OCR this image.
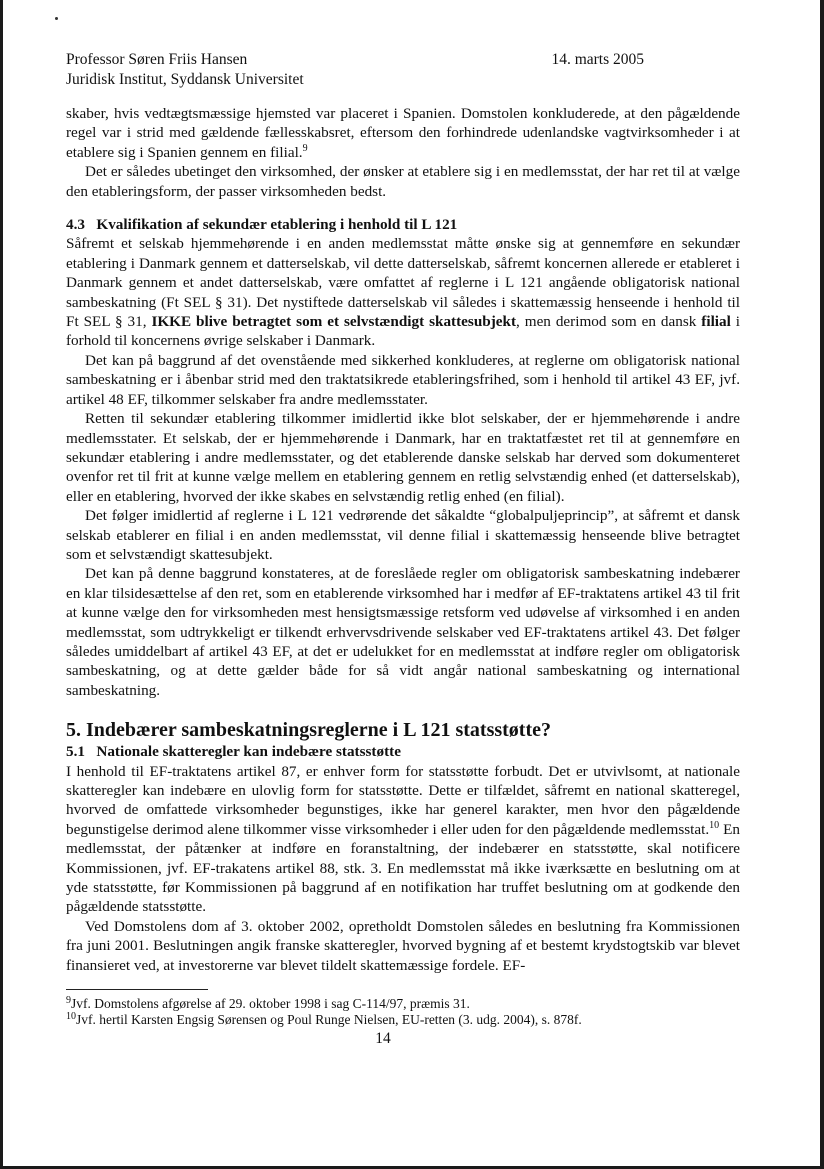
Professor Søren Friis Hansen
Juridisk Institut, Syddansk Universitet
14. marts 2005

skaber, hvis vedtægtsmæssige hjemsted var placeret i Spanien. Domstolen konkluderede, at den pågældende regel var i strid med gældende fællesskabsret, eftersom den forhindrede udenlandske vagtvirksomheder i at etablere sig i Spanien gennem en filial.$^9$

Det er således ubetinget den virksomhed, der ønsker at etablere sig i en medlemsstat, der har ret til at vælge den etableringsform, der passer virksomheden bedst.

4.3 Kvalifikation af sekundær etablering i henhold til L 121

Såfremt et selskab hjemmehørende i en anden medlemsstat måtte ønske sig at gennemføre en sekundær etablering i Danmark gennem et datterselskab, vil dette datterselskab, såfremt koncernen allerede er etableret i Danmark gennem et andet datterselskab, være omfattet af reglerne i L 121 angående obligatorisk national sambeskatning (Ft SEL § 31). Det nystiftede datterselskab vil således i skattemæssig henseende i henhold til Ft SEL § 31, IKKE blive betragtet som et selvstændigt skattesubjekt, men derimod som en dansk filial i forhold til koncernens øvrige selskaber i Danmark.

Det kan på baggrund af det ovenstående med sikkerhed konkluderes, at reglerne om obligatorisk national sambeskatning er i åbenbar strid med den traktatsikrede etableringsfrihed, som i henhold til artikel 43 EF, jvf. artikel 48 EF, tilkommer selskaber fra andre medlemsstater.

Retten til sekundær etablering tilkommer imidlertid ikke blot selskaber, der er hjemmehørende i andre medlemsstater. Et selskab, der er hjemmehørende i Danmark, har en traktatfæstet ret til at gennemføre en sekundær etablering i andre medlemsstater, og det etablerende danske selskab har derved som dokumenteret ovenfor ret til frit at kunne vælge mellem en etablering gennem en retlig selvstændig enhed (et datterselskab), eller en etablering, hvorved der ikke skabes en selvstændig retlig enhed (en filial).

Det følger imidlertid af reglerne i L 121 vedrørende det såkaldte “globalpuljeprincip”, at såfremt et dansk selskab etablerer en filial i en anden medlemsstat, vil denne filial i skattemæssig henseende blive betragtet som et selvstændigt skattesubjekt.

Det kan på denne baggrund konstateres, at de foreslåede regler om obligatorisk sambeskatning indebærer en klar tilsidesættelse af den ret, som en etablerende virksomhed har i medfør af EF-traktatens artikel 43 til frit at kunne vælge den for virksomheden mest hensigtsmæssige retsform ved udøvelse af virksomhed i en anden medlemsstat, som udtrykkeligt er tilkendt erhvervsdrivende selskaber ved EF-traktatens artikel 43. Det følger således umiddelbart af artikel 43 EF, at det er udelukket for en medlemsstat at indføre regler om obligatorisk sambeskatning, og at dette gælder både for så vidt angår national sambeskatning og international sambeskatning.

5. Indebærer sambeskatningsreglerne i L 121 statsstøtte?
5.1 Nationale skatteregler kan indebære statsstøtte

I henhold til EF-traktatens artikel 87, er enhver form for statsstøtte forbudt. Det er utvivlsomt, at nationale skatteregler kan indebære en ulovlig form for statsstøtte. Dette er tilfældet, såfremt en national skatteregel, hvorved de omfattede virksomheder begunstiges, ikke har generel karakter, men hvor den pågældende begunstigelse derimod alene tilkommer visse virksomheder i eller uden for den pågældende medlemsstat.$^{10}$ En medlemsstat, der påtænker at indføre en foranstaltning, der indebærer en statsstøtte, skal notificere Kommissionen, jvf. EF-trakatens artikel 88, stk. 3. En medlemsstat må ikke iværksætte en beslutning om at yde statsstøtte, før Kommissionen på baggrund af en notifikation har truffet beslutning om at godkende den pågældende statsstøtte.

Ved Domstolens dom af 3. oktober 2002, opretholdt Domstolen således en beslutning fra Kommissionen fra juni 2001. Beslutningen angik franske skatteregler, hvorved bygning af et bestemt krydstogtskib var blevet finansieret ved, at investorerne var blevet tildelt skattemæssige fordele. EF-

$^9$Jvf. Domstolens afgørelse af 29. oktober 1998 i sag C-114/97, præmis 31.
$^{10}$Jvf. hertil Karsten Engsig Sørensen og Poul Runge Nielsen, EU-retten (3. udg. 2004), s. 878f.
14
